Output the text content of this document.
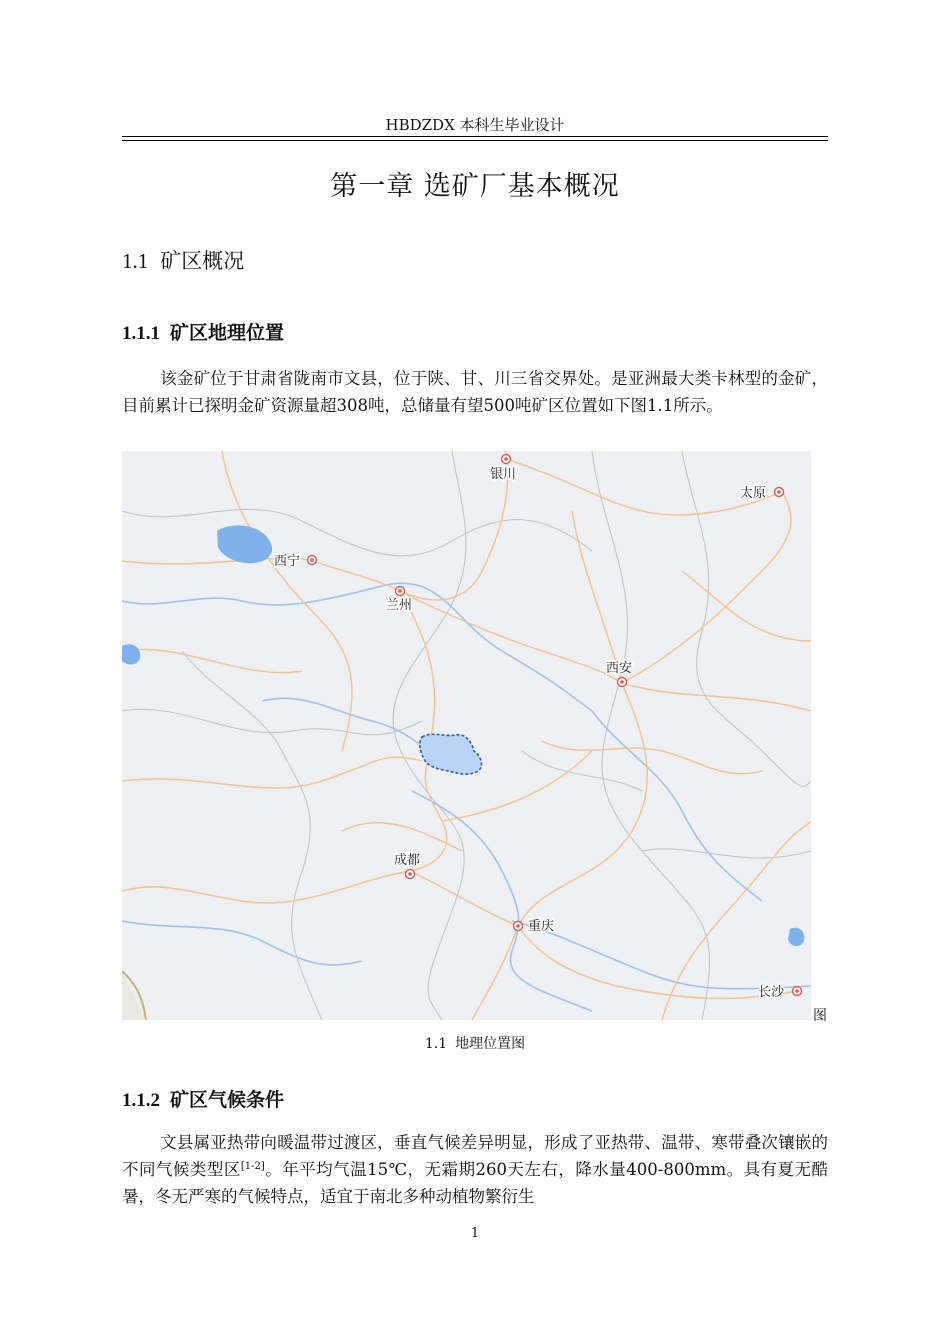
HBDZDX 本科生毕业设计
第一章 选矿厂基本概况
1.1 矿区概况
1.1.1 矿区地理位置
该金矿位于甘肃省陇南市文县，位于陕、甘、川三省交界处。是亚洲最大类卡林型的金矿，目前累计已探明金矿资源量超308吨，总储量有望500吨矿区位置如下图1.1所示。
银川
太原
西宁
兰州
西安
成都
重庆
长沙
图
1.1 地理位置图
1.1.2 矿区气候条件
文县属亚热带向暖温带过渡区，垂直气候差异明显，形成了亚热带、温带、寒带叠次镶嵌的不同气候类型区[1-2]。年平均气温15℃，无霜期260天左右，降水量400-800mm。具有夏无酷暑，冬无严寒的气候特点，适宜于南北多种动植物繁衍生
1
